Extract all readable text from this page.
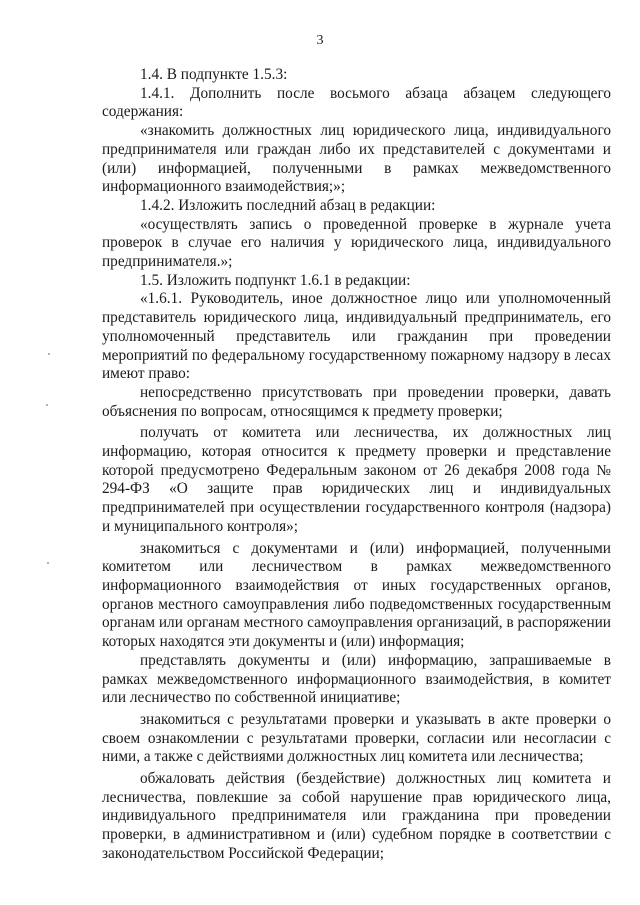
3

1.4. В подпункте 1.5.3:

1.4.1. Дополнить после восьмого абзаца абзацем следующего содержания:

«знакомить должностных лиц юридического лица, индивидуального предпринимателя или граждан либо их представителей с документами и (или) информацией, полученными в рамках межведомственного информационного взаимодействия;»;

1.4.2. Изложить последний абзац в редакции:

«осуществлять запись о проведенной проверке в журнале учета проверок в случае его наличия у юридического лица, индивидуального предпринимателя.»;

1.5. Изложить подпункт 1.6.1 в редакции:

«1.6.1. Руководитель, иное должностное лицо или уполномоченный представитель юридического лица, индивидуальный предприниматель, его уполномоченный представитель или гражданин при проведении мероприятий по федеральному государственному пожарному надзору в лесах имеют право:

непосредственно присутствовать при проведении проверки, давать объяснения по вопросам, относящимся к предмету проверки;

получать от комитета или лесничества, их должностных лиц информацию, которая относится к предмету проверки и представление которой предусмотрено Федеральным законом от 26 декабря 2008 года № 294-ФЗ «О защите прав юридических лиц и индивидуальных предпринимателей при осуществлении государственного контроля (надзора) и муниципального контроля»;

знакомиться с документами и (или) информацией, полученными комитетом или лесничеством в рамках межведомственного информационного взаимодействия от иных государственных органов, органов местного самоуправления либо подведомственных государственным органам или органам местного самоуправления организаций, в распоряжении которых находятся эти документы и (или) информация;

представлять документы и (или) информацию, запрашиваемые в рамках межведомственного информационного взаимодействия, в комитет или лесничество по собственной инициативе;

знакомиться с результатами проверки и указывать в акте проверки о своем ознакомлении с результатами проверки, согласии или несогласии с ними, а также с действиями должностных лиц комитета или лесничества;

обжаловать действия (бездействие) должностных лиц комитета и лесничества, повлекшие за собой нарушение прав юридического лица, индивидуального предпринимателя или гражданина при проведении проверки, в административном и (или) судебном порядке в соответствии с законодательством Российской Федерации;
